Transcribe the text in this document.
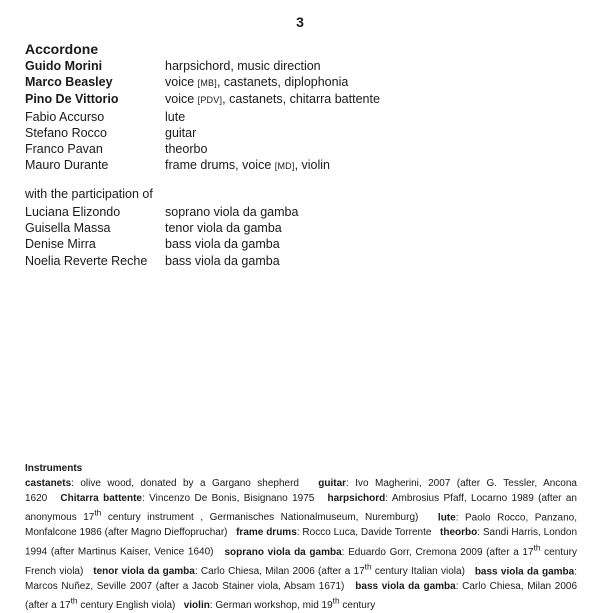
3
Accordone
Guido Morini	harpsichord, music direction
Marco Beasley	voice [MB], castanets, diplophonia
Pino De Vittorio	voice [PDV], castanets, chitarra battente
Fabio Accurso	lute
Stefano Rocco	guitar
Franco Pavan	theorbo
Mauro Durante	frame drums, voice [MD], violin
with the participation of
Luciana Elizondo	soprano viola da gamba
Guisella Massa	tenor viola da gamba
Denise Mirra	bass viola da gamba
Noelia Reverte Reche	bass viola da gamba
Instruments

castanets: olive wood, donated by a Gargano shepherd guitar: Ivo Magherini, 2007 (after G. Tessler, Ancona 1620 Chitarra battente: Vincenzo De Bonis, Bisignano 1975 harpsichord: Ambrosius Pfaff, Locarno 1989 (after an anonymous 17th century instrument , Germanisches Nationalmuseum, Nuremburg) lute: Paolo Rocco, Panzano, Monfalcone 1986 (after Magno Dieffopruchar) frame drums: Rocco Luca, Davide Torrente theorbo: Sandi Harris, London 1994 (after Martinus Kaiser, Venice 1640) soprano viola da gamba: Eduardo Gorr, Cremona 2009 (after a 17th century French viola) tenor viola da gamba: Carlo Chiesa, Milan 2006 (after a 17th century Italian viola) bass viola da gamba: Marcos Nuñez, Seville 2007 (after a Jacob Stainer viola, Absam 1671) bass viola da gamba: Carlo Chiesa, Milan 2006 (after a 17th century English viola) violin: German workshop, mid 19th century
